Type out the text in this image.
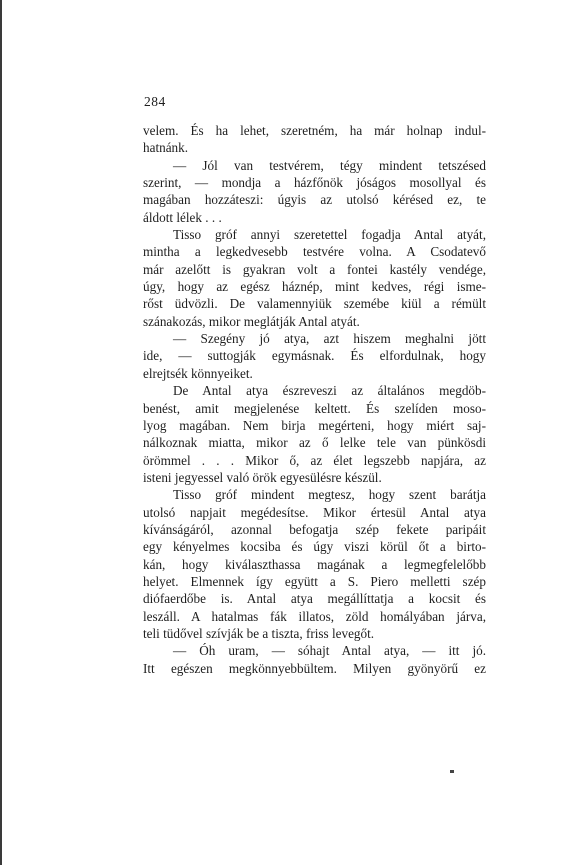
284
velem. És ha lehet, szeretném, ha már holnap indul-
hatnánk.
— Jól van testvérem, tégy mindent tetszésed
szerint, — mondja a házfőnök jóságos mosollyal és
magában hozzáteszi: úgyis az utolsó kérésed ez, te
áldott lélek . . .
Tisso gróf annyi szeretettel fogadja Antal atyát,
mintha a legkedvesebb testvére volna. A Csodatevő
már azelőtt is gyakran volt a fontei kastély vendége,
úgy, hogy az egész háznép, mint kedves, régi isme-
rőst üdvözli. De valamennyiük szemébe kiül a rémült
szánakozás, mikor meglátják Antal atyát.
— Szegény jó atya, azt hiszem meghalni jött
ide, — suttogják egymásnak. És elfordulnak, hogy
elrejtsék könnyeiket.
De Antal atya észreveszi az általános megdöb-
benést, amit megjelenése keltett. És szelíden moso-
lyog magában. Nem birja megérteni, hogy miért saj-
nálkoznak miatta, mikor az ő lelke tele van pünkösdi
örömmel . . . Mikor ő, az élet legszebb napjára, az
isteni jegyessel való örök egyesülésre készül.
Tisso gróf mindent megtesz, hogy szent barátja
utolsó napjait megédesítse. Mikor értesül Antal atya
kívánságáról, azonnal befogatja szép fekete paripáit
egy kényelmes kocsiba és úgy viszi körül őt a birto-
kán, hogy kiválaszthassa magának a legmegfelelőbb
helyet. Elmennek így együtt a S. Piero melletti szép
diófaerdőbe is. Antal atya megállíttatja a kocsit és
leszáll. A hatalmas fák illatos, zöld homályában járva,
teli tüdővel szívják be a tiszta, friss levegőt.
— Óh uram, — sóhajt Antal atya, — itt jó.
Itt egészen megkönnyebbültem. Milyen gyönyörű ez
